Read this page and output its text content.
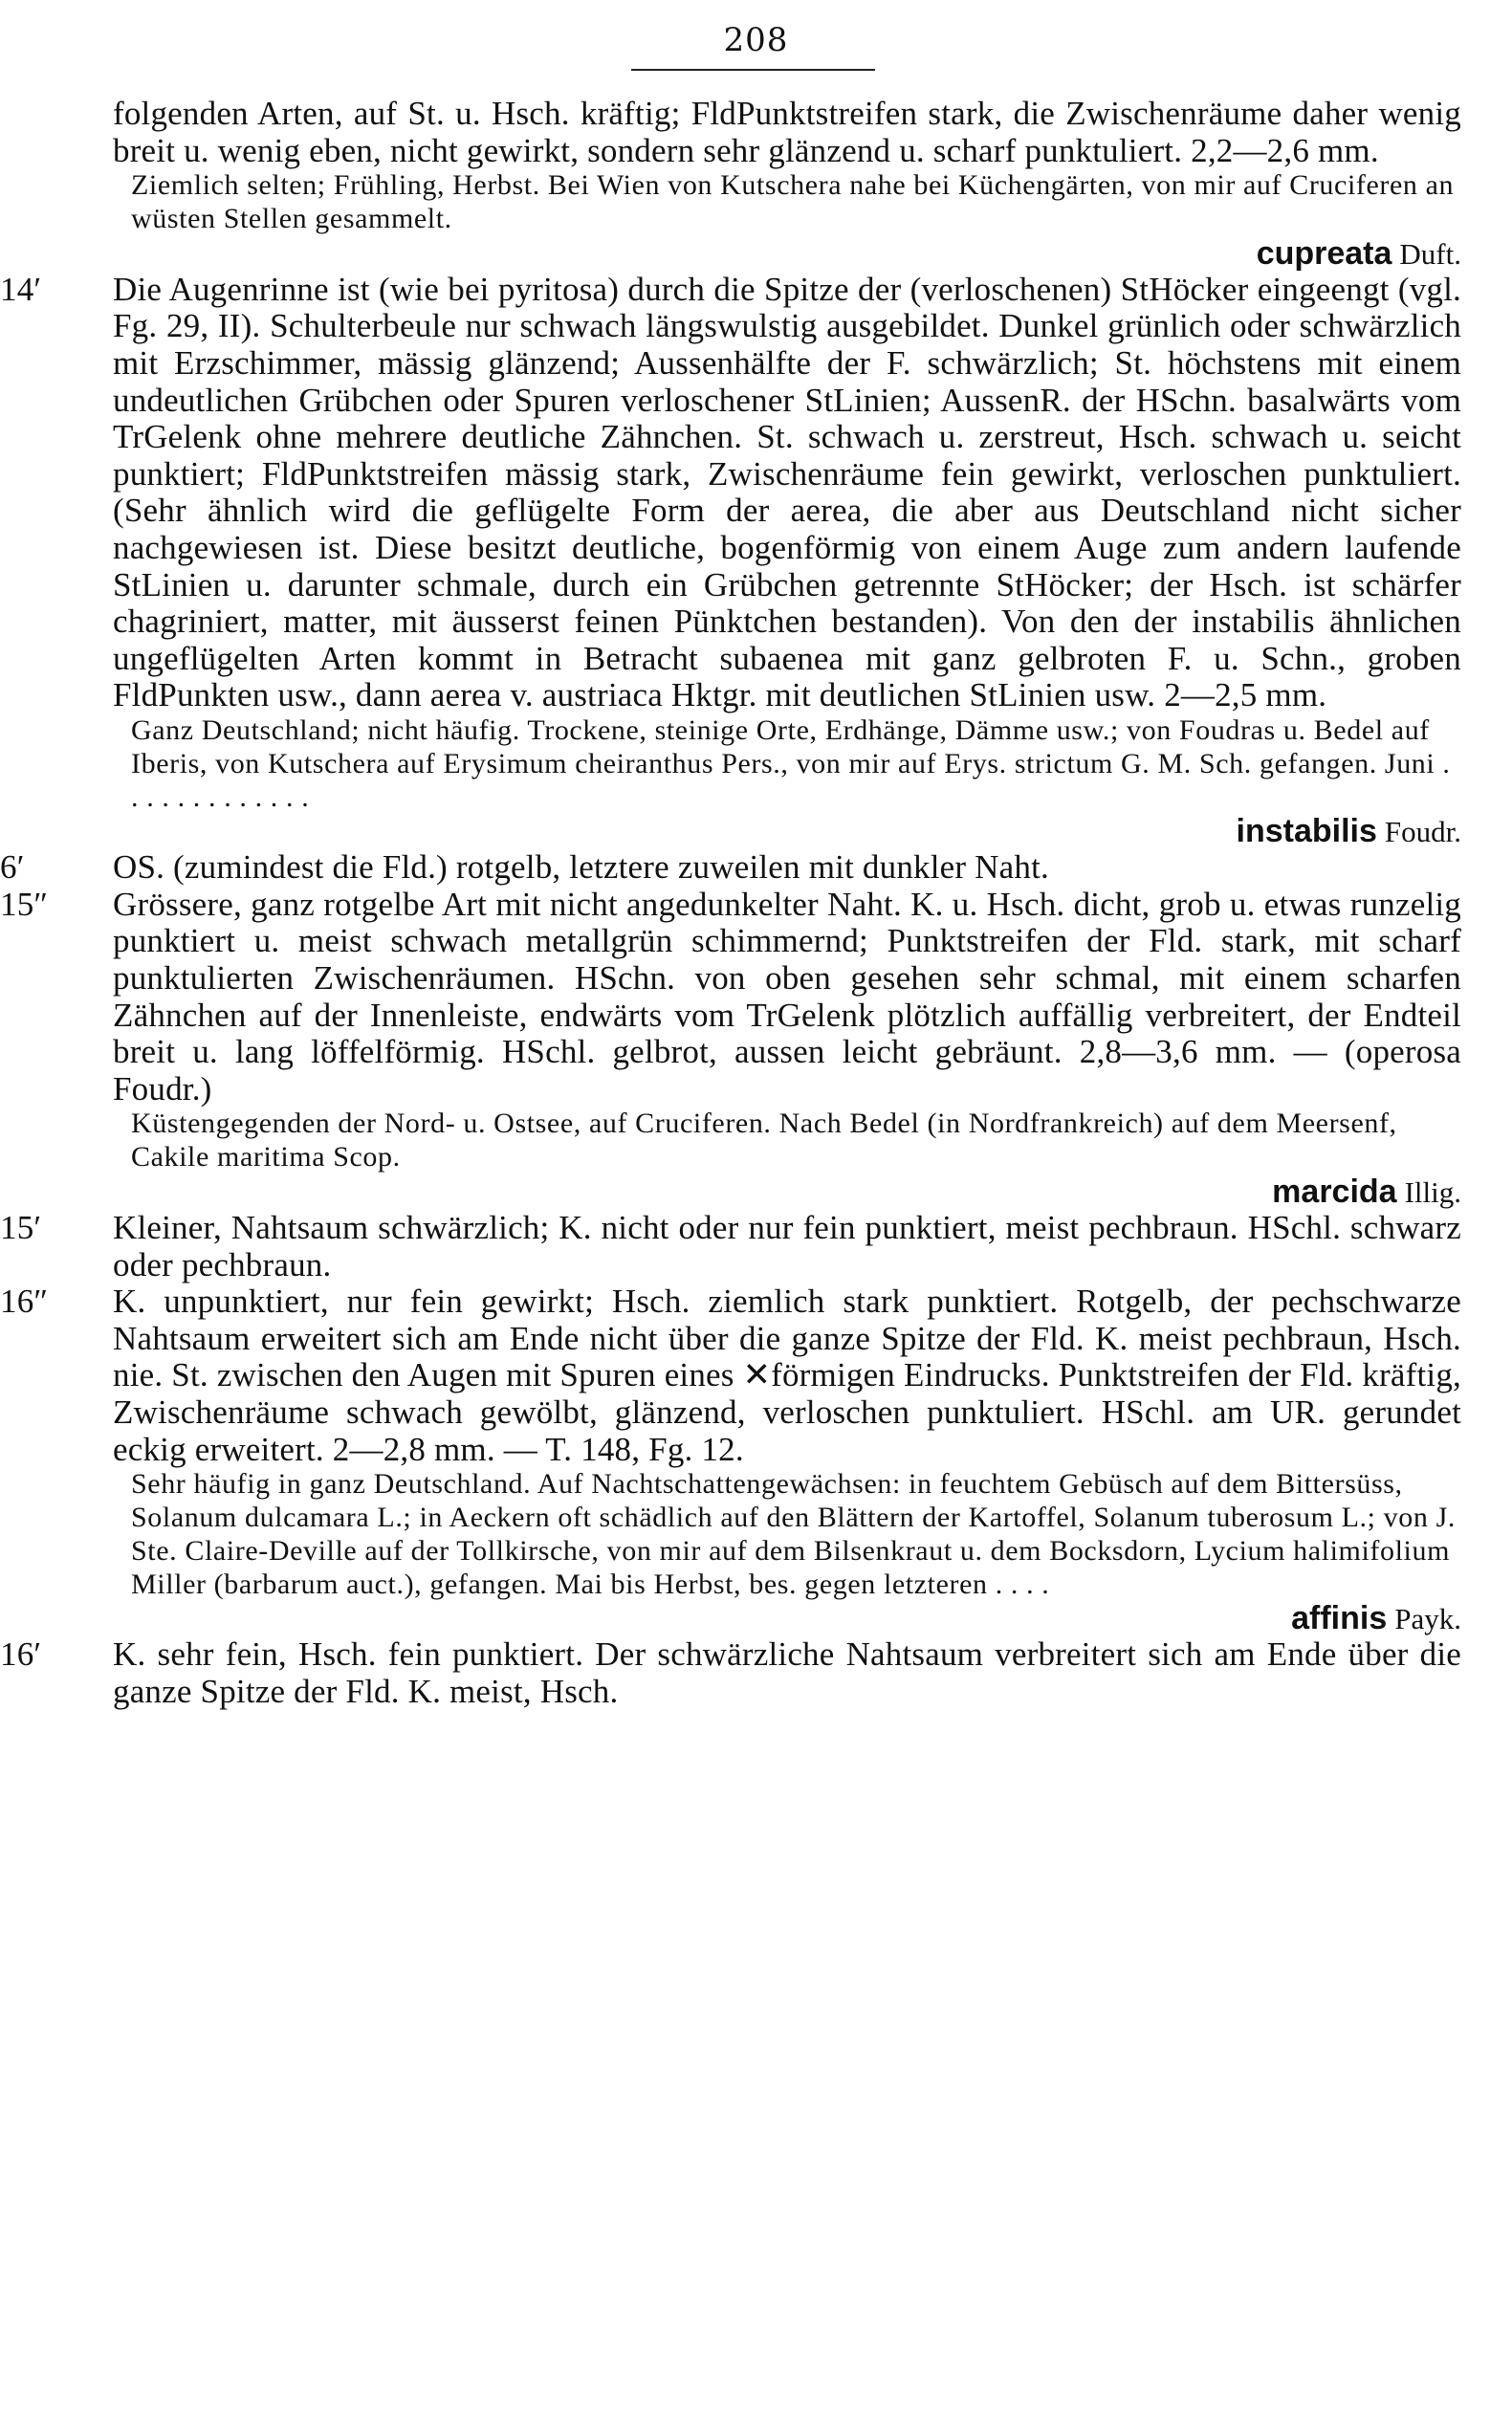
208
folgenden Arten, auf St. u. Hsch. kräftig; FldPunktstreifen stark, die Zwischenräume daher wenig breit u. wenig eben, nicht gewirkt, sondern sehr glänzend u. scharf punktuliert. 2,2—2,6 mm.
Ziemlich selten; Frühling, Herbst. Bei Wien von Kutschera nahe bei Küchengärten, von mir auf Cruciferen an wüsten Stellen gesammelt.
cupreata Duft.
14′	Die Augenrinne ist (wie bei pyritosa) durch die Spitze der (verloschenen) StHöcker eingeengt (vgl. Fg. 29, II). Schulterbeule nur schwach längswulstig ausgebildet. Dunkel grünlich oder schwärzlich mit Erzschimmer, mässig glänzend; Aussenhälfte der F. schwärzlich; St. höchstens mit einem undeutlichen Grübchen oder Spuren verloschener StLinien; AussenR. der HSchn. basalwärts vom TrGelenk ohne mehrere deutliche Zähnchen. St. schwach u. zerstreut, Hsch. schwach u. seicht punktiert; FldPunktstreifen mässig stark, Zwischenräume fein gewirkt, verloschen punktuliert. (Sehr ähnlich wird die geflügelte Form der aerea, die aber aus Deutschland nicht sicher nachgewiesen ist. Diese besitzt deutliche, bogenförmig von einem Auge zum andern laufende StLinien u. darunter schmale, durch ein Grübchen getrennte StHöcker; der Hsch. ist schärfer chagriniert, matter, mit äusserst feinen Pünktchen bestanden). Von den der instabilis ähnlichen ungeflügelten Arten kommt in Betracht subaenea mit ganz gelbroten F. u. Schn., groben FldPunkten usw., dann aerea v. austriaca Hktgr. mit deutlichen StLinien usw. 2—2,5 mm.
Ganz Deutschland; nicht häufig. Trockene, steinige Orte, Erdhänge, Dämme usw.; von Foudras u. Bedel auf Iberis, von Kutschera auf Erysimum cheiranthus Pers., von mir auf Erys. strictum G. M. Sch. gefangen. Juni . . . . . . . . . . . . .
instabilis Foudr.
6′	OS. (zumindest die Fld.) rotgelb, letztere zuweilen mit dunkler Naht.
15″	Grössere, ganz rotgelbe Art mit nicht angedunkelter Naht. K. u. Hsch. dicht, grob u. etwas runzelig punktiert u. meist schwach metallgrün schimmernd; Punktstreifen der Fld. stark, mit scharf punktulierten Zwischenräumen. HSchn. von oben gesehen sehr schmal, mit einem scharfen Zähnchen auf der Innenleiste, endwärts vom TrGelenk plötzlich auffällig verbreitert, der Endteil breit u. lang löffelförmig. HSchl. gelbrot, aussen leicht gebräunt. 2,8—3,6 mm. — (operosa Foudr.)
Küstengegenden der Nord- u. Ostsee, auf Cruciferen. Nach Bedel (in Nordfrankreich) auf dem Meersenf, Cakile maritima Scop.
marcida Illig.
15′	Kleiner, Nahtsaum schwärzlich; K. nicht oder nur fein punktiert, meist pechbraun. HSchl. schwarz oder pechbraun.
16″	K. unpunktiert, nur fein gewirkt; Hsch. ziemlich stark punktiert. Rotgelb, der pechschwarze Nahtsaum erweitert sich am Ende nicht über die ganze Spitze der Fld. K. meist pechbraun, Hsch. nie. St. zwischen den Augen mit Spuren eines ✕förmigen Eindrucks. Punktstreifen der Fld. kräftig, Zwischenräume schwach gewölbt, glänzend, verloschen punktuliert. HSchl. am UR. gerundet eckig erweitert. 2—2,8 mm. — T. 148, Fg. 12.
Sehr häufig in ganz Deutschland. Auf Nachtschattengewächsen: in feuchtem Gebüsch auf dem Bittersüss, Solanum dulcamara L.; in Aeckern oft schädlich auf den Blättern der Kartoffel, Solanum tuberosum L.; von J. Ste. Claire-Deville auf der Tollkirsche, von mir auf dem Bilsenkraut u. dem Bocksdorn, Lycium halimifolium Miller (barbarum auct.), gefangen. Mai bis Herbst, bes. gegen letzteren . . . .
affinis Payk.
16′	K. sehr fein, Hsch. fein punktiert. Der schwärzliche Nahtsaum verbreitert sich am Ende über die ganze Spitze der Fld. K. meist, Hsch.
